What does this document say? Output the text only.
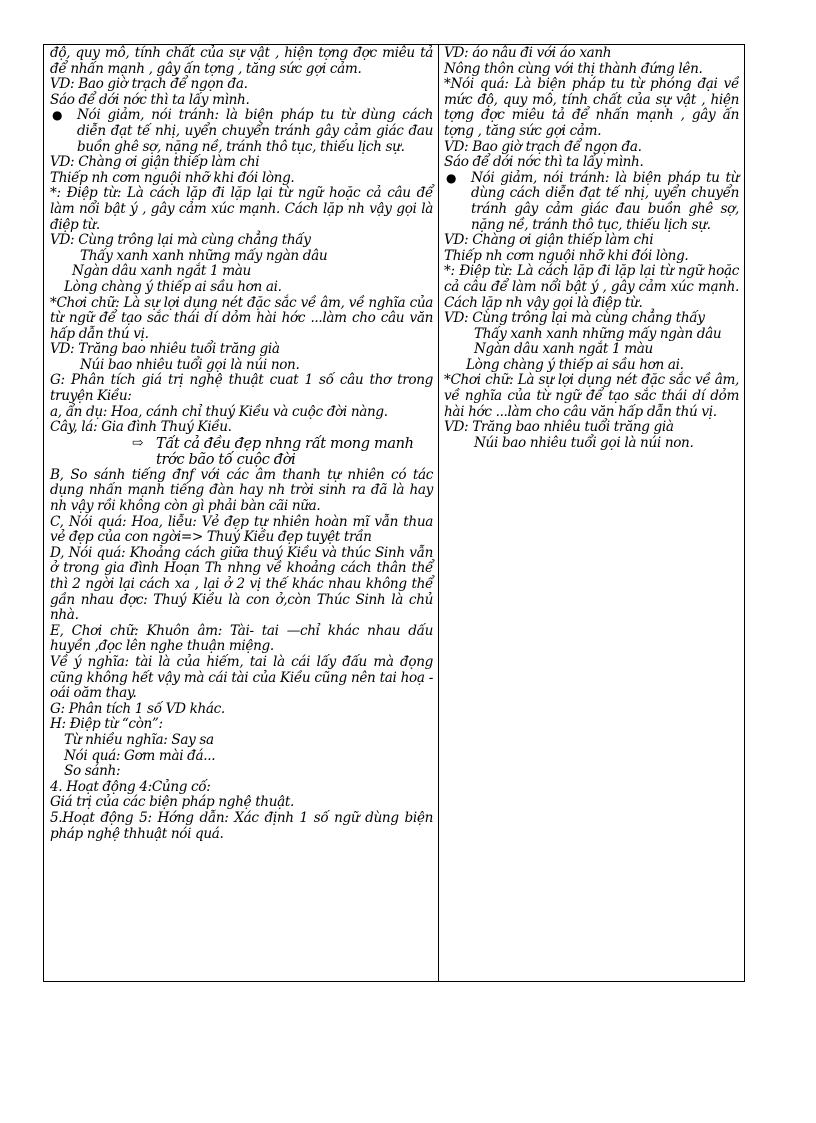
độ, quy mô, tính chất của sự vật , hiện tợng đợc miêu tả để nhấn mạnh , gây ấn tợng , tăng sức gợi cảm.

VD: Bao giờ trạch để ngọn đa.

Sáo để dới nớc thì ta lấy mình.

●	Nói giảm, nói tránh: là biện pháp tu từ dùng cách diễn đạt tế nhị, uyển chuyển tránh gây cảm giác đau buồn ghê sợ, nặng nề, tránh thô tục, thiếu lịch sự.

VD: Chàng ơi giận thiếp làm chi

Thiếp nh cơm nguội nhỡ khi đói lòng.

*: Điệp từ: Là cách lặp đi lặp lại từ ngữ hoặc cả câu để làm nổi bật ý , gây cảm xúc mạnh. Cách lặp nh vậy gọi là điệp từ.

VD: Cùng trông lại mà cùng chẳng thấy

Thấy xanh xanh những mấy ngàn dâu

Ngàn dâu xanh ngắt 1 màu

Lòng chàng ý thiếp ai sầu hơn ai.

*Chơi chữ: Là sự lợi dụng nét đặc sắc về âm, về nghĩa của từ ngữ để tạo sắc thái dí dỏm hài hớc ...làm cho câu văn hấp dẫn thú vị.

VD: Trăng bao nhiêu tuổi trăng già

Núi bao nhiêu tuổi gọi là núi non.

G: Phân tích giá trị nghệ thuật cuat 1 số câu thơ trong truyện Kiều:

a, ẩn dụ: Hoa, cánh chỉ thuý Kiều và cuộc đời nàng.

Cây, lá: Gia đình Thuý Kiều.

⇨ Tất cả đều đẹp nhng rất mong manh trớc bão tố cuộc đời

B, So sánh tiếng đnf với các âm thanh tự nhiên có tác dụng nhấn mạnh tiếng đàn hay nh trời sinh ra đã là hay nh vậy rồi không còn gì phải bàn cãi nữa.

C, Nói quá: Hoa, liễu: Vẻ đẹp tự nhiên hoàn mĩ vẫn thua vẻ đẹp của con ngời=> Thuý Kiều đẹp tuyệt trần

D, Nói quá: Khoảng cách giữa thuý Kiều và thúc Sinh vẫn ở trong gia đình Hoạn Th nhng về khoảng cách thân thể thì 2 ngời lại cách xa , lại ở 2 vị thế khác nhau không thể gần nhau đợc: Thuý Kiều là con ở,còn Thúc Sinh là chủ nhà.

E, Chơi chữ: Khuôn âm: Tài- tai —chỉ khác nhau dấu huyền ,đọc lên nghe thuận miệng.

Về ý nghĩa: tài là của hiếm, tai là cái lấy đấu mà đọng cũng không hết vậy mà cái tài của Kiều cũng nên tai hoạ - oái oăm thay.

G: Phân tích 1 số VD khác.

H: Điệp từ “còn”:

Từ nhiều nghĩa: Say sa

Nói quá: Gơm mài đá...

So sánh:

4. Hoạt động 4:Củng cố:

Giá trị của các biện pháp nghệ thuật.

5.Hoạt động 5: Hớng dẫn: Xác định 1 số ngữ dùng biện pháp nghệ thhuật nói quá.

VD: áo nâu đi với áo xanh

Nông thôn cùng với thị thành đứng lên.

*Nói quá: Là biện pháp tu từ phóng đại về mức độ, quy mô, tính chất của sự vật , hiện tợng đợc miêu tả để nhấn mạnh , gây ấn tợng , tăng sức gợi cảm.

VD: Bao giờ trạch để ngọn đa.

Sáo để dới nớc thì ta lấy mình.

●	Nói giảm, nói tránh: là biện pháp tu từ dùng cách diễn đạt tế nhị, uyển chuyển tránh gây cảm giác đau buồn ghê sợ, nặng nề, tránh thô tục, thiếu lịch sự.

VD: Chàng ơi giận thiếp làm chi

Thiếp nh cơm nguội nhỡ khi đói lòng.

*: Điệp từ: Là cách lặp đi lặp lại từ ngữ hoặc cả câu để làm nổi bật ý , gây cảm xúc mạnh. Cách lặp nh vậy gọi là điệp từ.

VD: Cùng trông lại mà cùng chẳng thấy

Thấy xanh xanh những mấy ngàn dâu

Ngàn dâu xanh ngắt 1 màu

Lòng chàng ý thiếp ai sầu hơn ai.

*Chơi chữ: Là sự lợi dụng nét đặc sắc về âm, về nghĩa của từ ngữ để tạo sắc thái dí dỏm hài hớc ...làm cho câu văn hấp dẫn thú vị.

VD: Trăng bao nhiêu tuổi trăng già

Núi bao nhiêu tuổi gọi là núi non.
